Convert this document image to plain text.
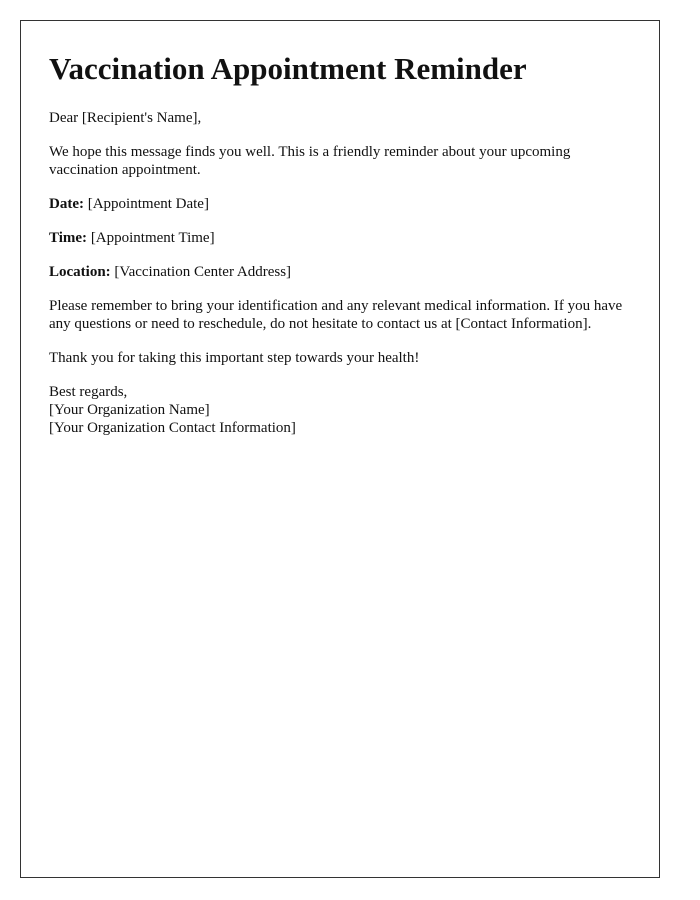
Vaccination Appointment Reminder

Dear [Recipient's Name],

We hope this message finds you well. This is a friendly reminder about your upcoming vaccination appointment.

Date: [Appointment Date]

Time: [Appointment Time]

Location: [Vaccination Center Address]

Please remember to bring your identification and any relevant medical information. If you have any questions or need to reschedule, do not hesitate to contact us at [Contact Information].

Thank you for taking this important step towards your health!

Best regards,
[Your Organization Name]
[Your Organization Contact Information]
